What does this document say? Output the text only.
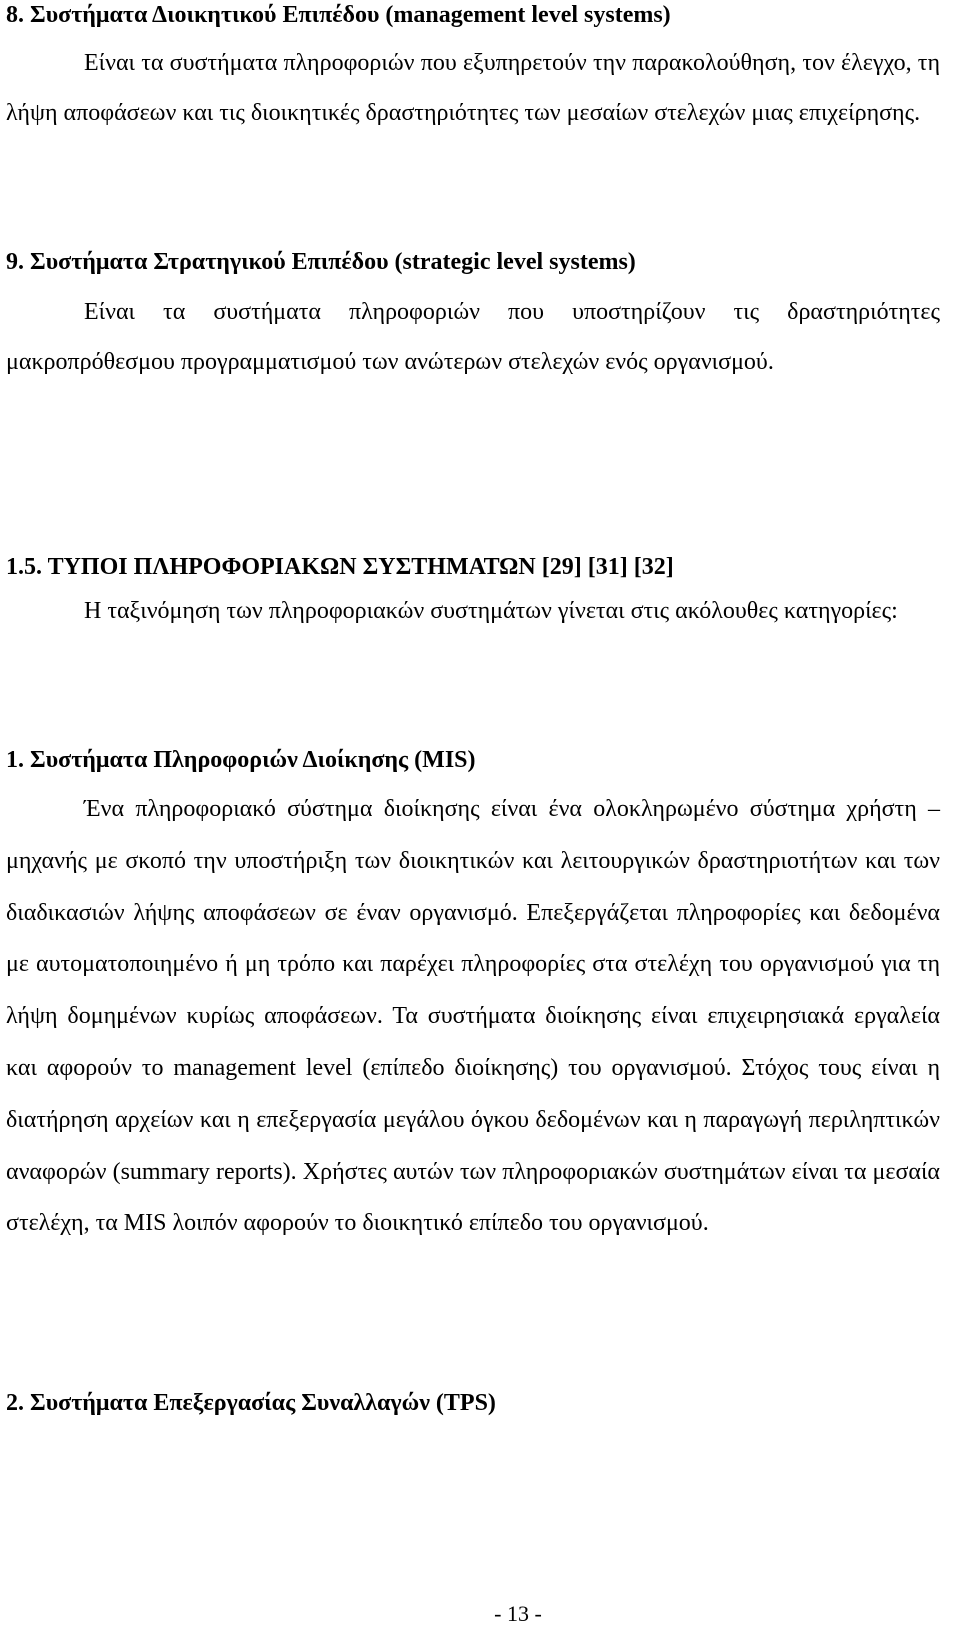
8. Συστήματα Διοικητικού Επιπέδου (management level systems)

Είναι τα συστήματα πληροφοριών που εξυπηρετούν την παρακολούθηση, τον έλεγχο, τη λήψη αποφάσεων και τις διοικητικές δραστηριότητες των μεσαίων στελεχών μιας επιχείρησης.

9. Συστήματα Στρατηγικού Επιπέδου (strategic level systems)

Είναι τα συστήματα πληροφοριών που υποστηρίζουν τις δραστηριότητες μακροπρόθεσμου προγραμματισμού των ανώτερων στελεχών ενός οργανισμού.

1.5. ΤΥΠΟΙ ΠΛΗΡΟΦΟΡΙΑΚΩΝ ΣΥΣΤΗΜΑΤΩΝ [29] [31] [32]

Η ταξινόμηση των πληροφοριακών συστημάτων γίνεται στις ακόλουθες κατηγορίες:

1. Συστήματα Πληροφοριών Διοίκησης (MIS)

Ένα πληροφοριακό σύστημα διοίκησης είναι ένα ολοκληρωμένο σύστημα χρήστη – μηχανής με σκοπό την υποστήριξη των διοικητικών και λειτουργικών δραστηριοτήτων και των διαδικασιών λήψης αποφάσεων σε έναν οργανισμό. Επεξεργάζεται πληροφορίες και δεδομένα με αυτοματοποιημένο ή μη τρόπο και παρέχει πληροφορίες στα στελέχη του οργανισμού για τη λήψη δομημένων κυρίως αποφάσεων. Τα συστήματα διοίκησης είναι επιχειρησιακά εργαλεία και αφορούν το management level (επίπεδο διοίκησης) του οργανισμού. Στόχος τους είναι η διατήρηση αρχείων και η επεξεργασία μεγάλου όγκου δεδομένων και η παραγωγή περιληπτικών αναφορών (summary reports). Χρήστες αυτών των πληροφοριακών συστημάτων είναι τα μεσαία στελέχη, τα MIS λοιπόν αφορούν το διοικητικό επίπεδο του οργανισμού.

2. Συστήματα Επεξεργασίας Συναλλαγών (TPS)
- 13 -
